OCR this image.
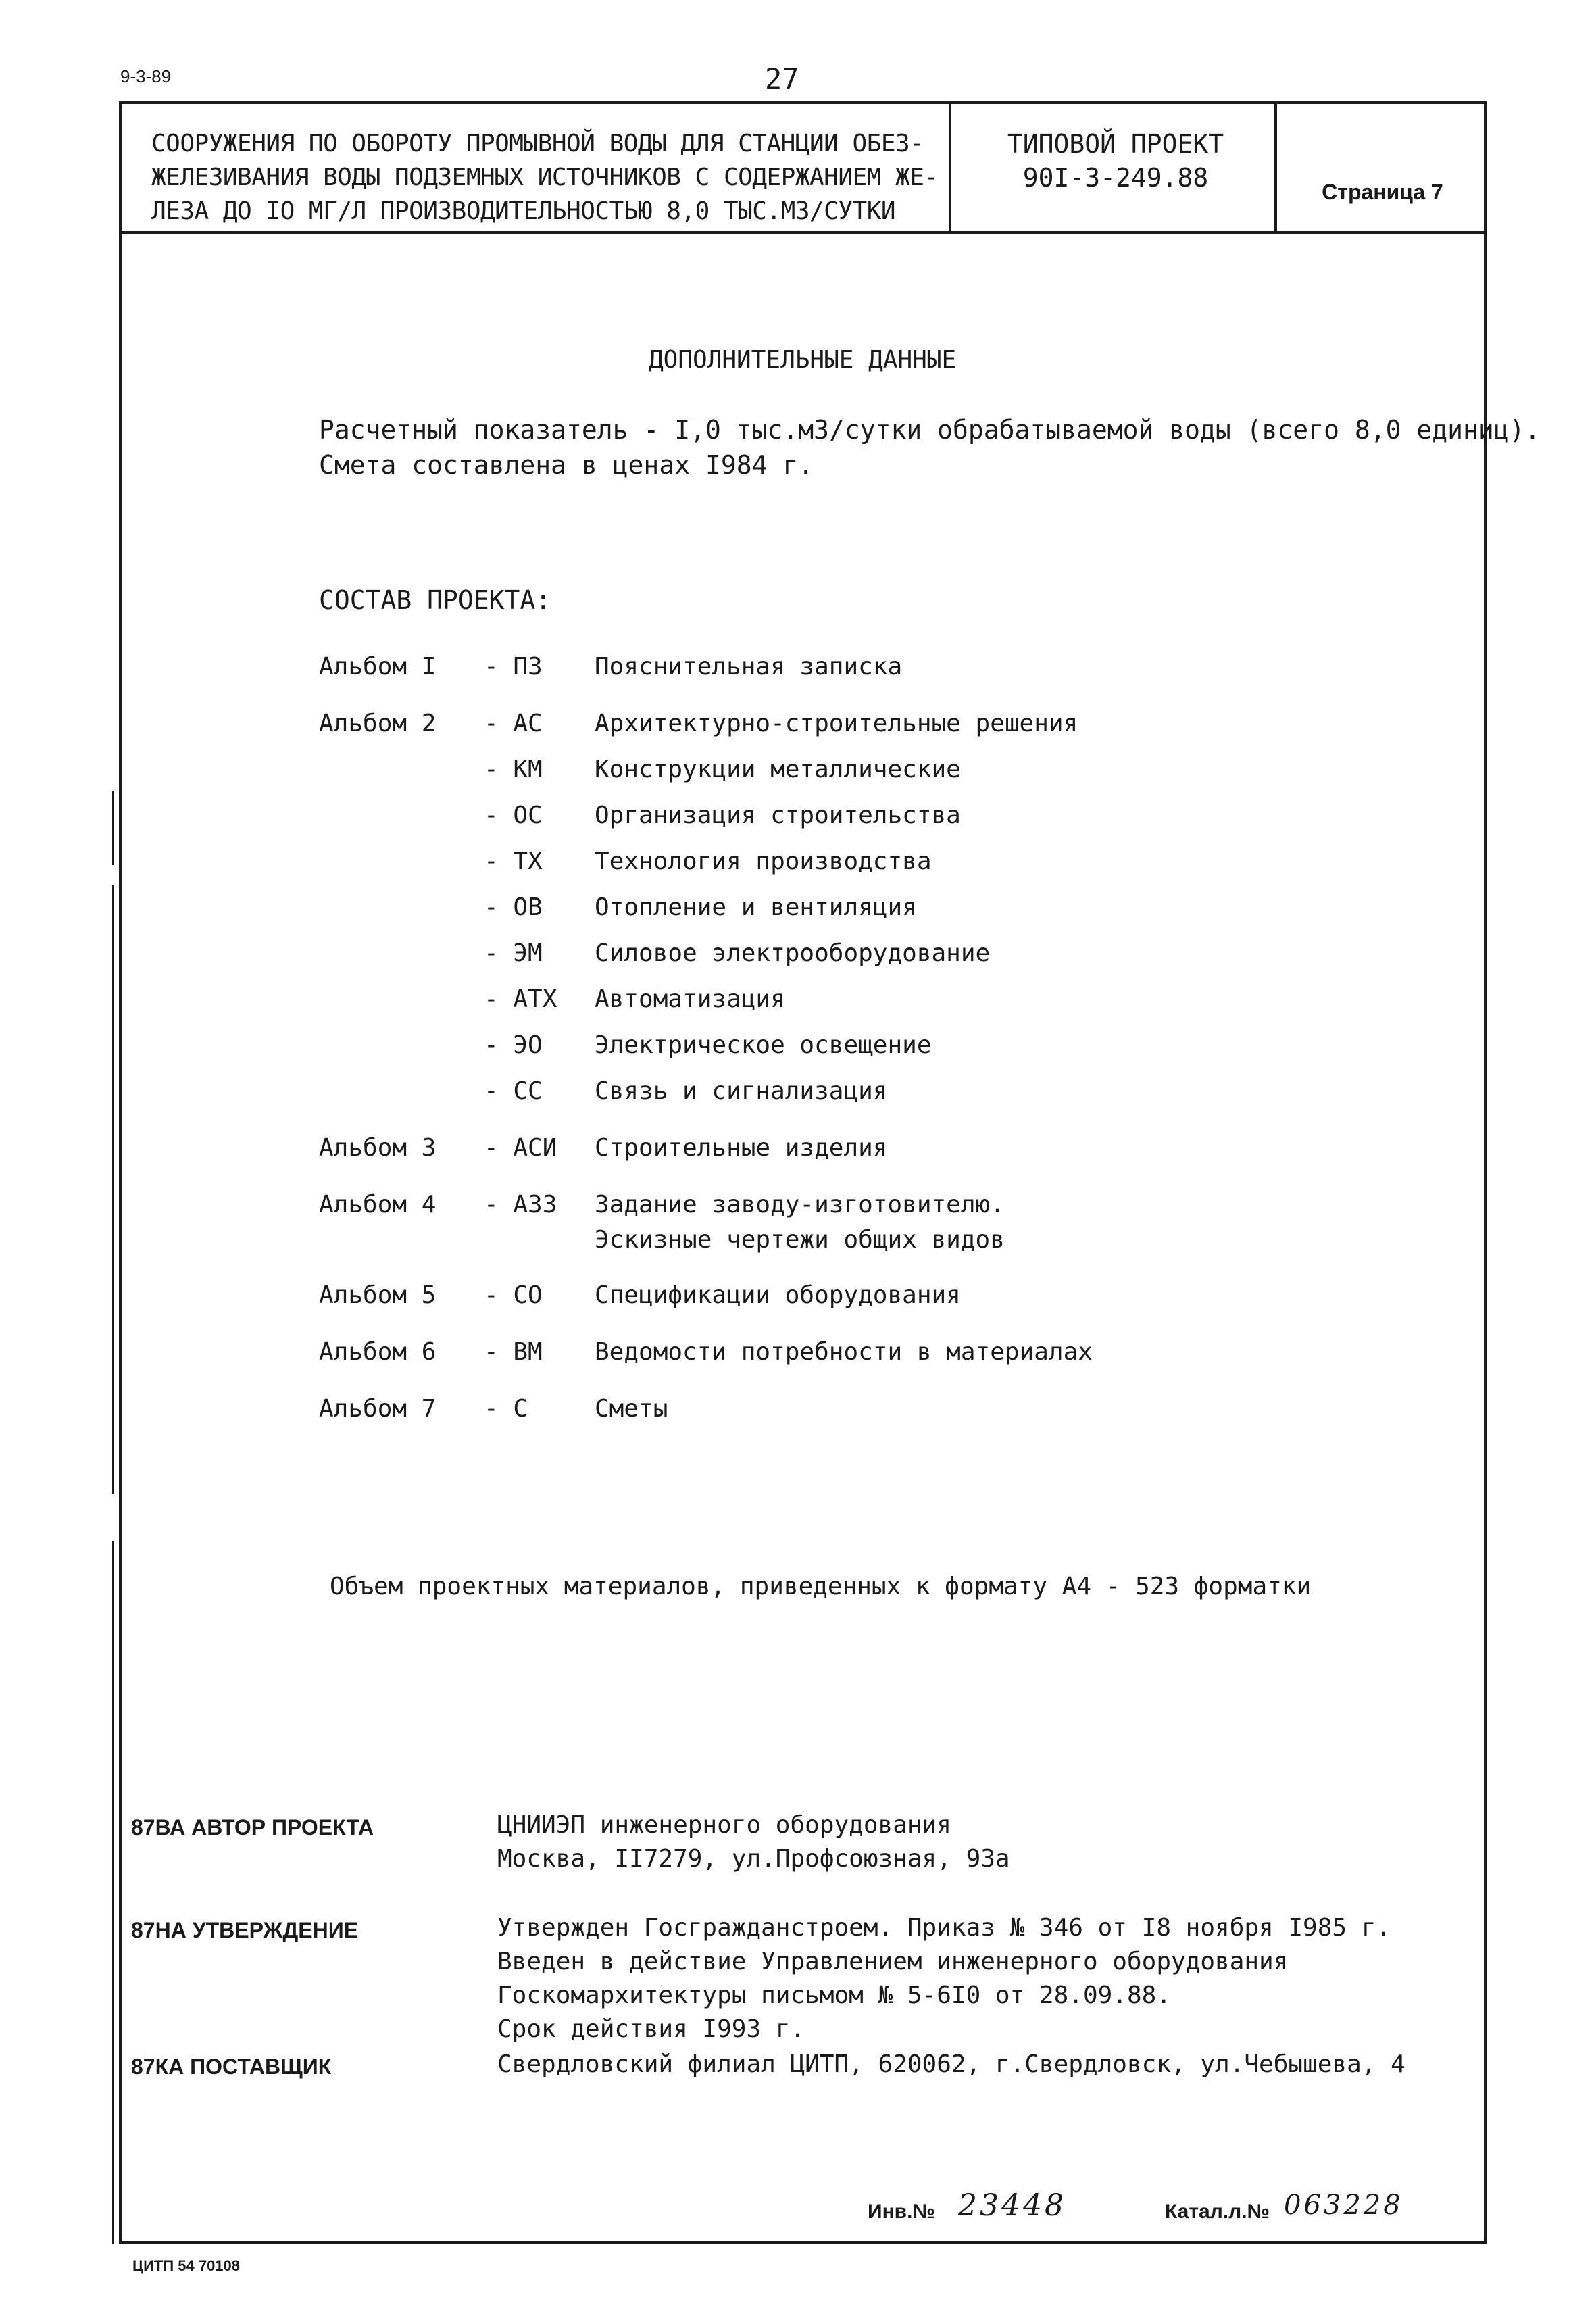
9-3-89	27
СООРУЖЕНИЯ ПО ОБОРОТУ ПРОМЫВНОЙ ВОДЫ ДЛЯ СТАНЦИИ ОБЕЗ-
ЖЕЛЕЗИВАНИЯ ВОДЫ ПОДЗЕМНЫХ ИСТОЧНИКОВ С СОДЕРЖАНИЕМ ЖЕ-
ЛЕЗА ДО IO МГ/Л ПРОИЗВОДИТЕЛЬНОСТЬЮ 8,0 ТЫС.М3/СУТКИ
ТИПОВОЙ ПРОЕКТ
90I-3-249.88	Страница 7
ДОПОЛНИТЕЛЬНЫЕ ДАННЫЕ
Расчетный показатель - I,0 тыс.м3/сутки обрабатываемой воды (всего 8,0 единиц).
Смета составлена в ценах I984 г.
СОСТАВ ПРОЕКТА:
Альбом I - ПЗ Пояснительная записка
Альбом 2 - АС Архитектурно-строительные решения
- КМ Конструкции металлические
- ОС Организация строительства
- ТХ Технология производства
- ОВ Отопление и вентиляция
- ЭМ Силовое электрооборудование
- АТХ Автоматизация
- ЭО Электрическое освещение
- СС Связь и сигнализация
Альбом 3 - АСИ Строительные изделия
Альбом 4 - АЗЗ Задание заводу-изготовителю.
Эскизные чертежи общих видов
Альбом 5 - СО Спецификации оборудования
Альбом 6 - ВМ Ведомости потребности в материалах
Альбом 7 - С	Сметы
Объем проектных материалов, приведенных к формату А4 - 523 форматки
87ВА АВТОР ПРОЕКТА	ЦНИИЭП инженерного оборудования
Москва, II7279, ул.Профсоюзная, 93а
87НА УТВЕРЖДЕНИЕ	Утвержден Госгражданстроем. Приказ № 346 от I8 ноября I985 г.
Введен в действие Управлением инженерного оборудования
Госкомархитектуры письмом № 5-6I0 от 28.09.88.
Срок действия I993 г.
87КА ПОСТАВЩИК	Свердловский филиал ЦИТП, 620062, г.Свердловск, ул.Чебышева, 4
Инв.№ 23448	Катал.л.№ 063228
ЦИТП 54 70108
